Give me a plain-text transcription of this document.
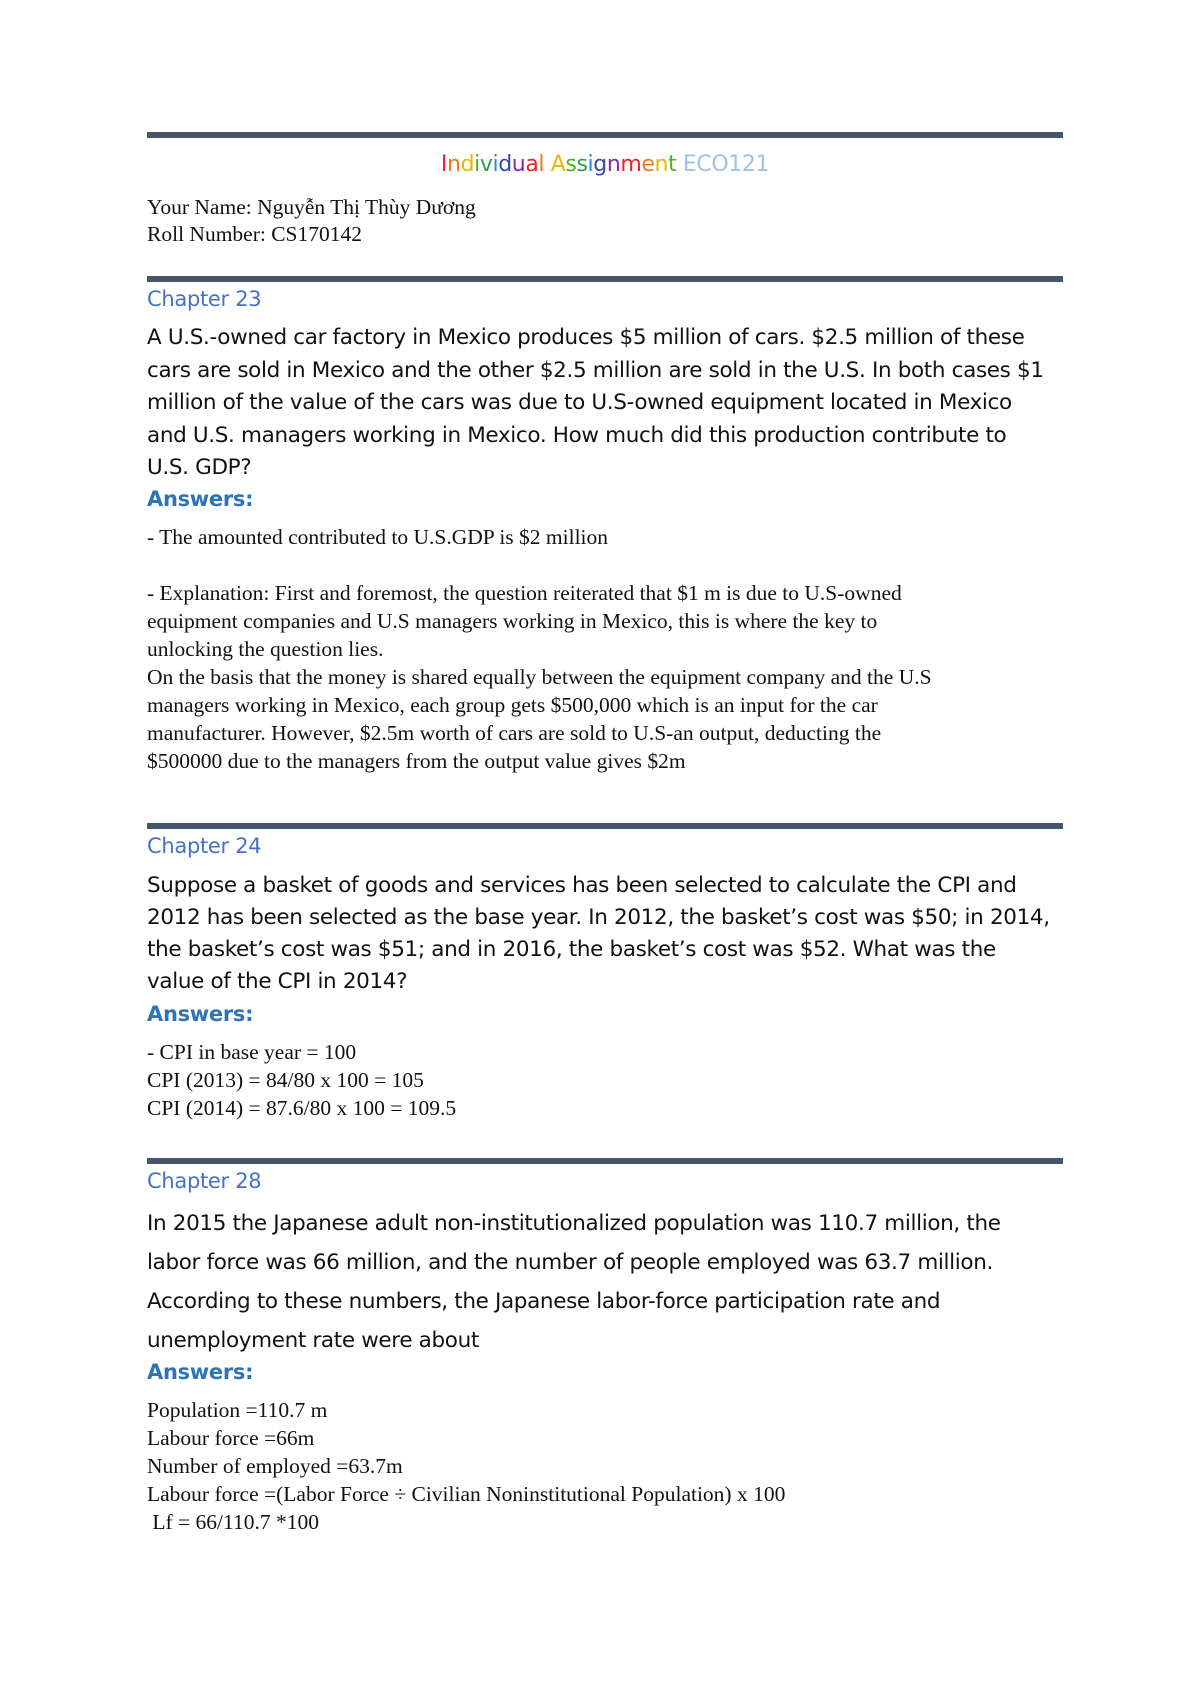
Individual Assignment ECO121
Your Name: Nguyễn Thị Thùy Dương
Roll Number: CS170142
Chapter 23
A U.S.-owned car factory in Mexico produces $5 million of cars. $2.5 million of these
cars are sold in Mexico and the other $2.5 million are sold in the U.S. In both cases $1
million of the value of the cars was due to U.S-owned equipment located in Mexico
and U.S. managers working in Mexico. How much did this production contribute to
U.S. GDP?
Answers:
- The amounted contributed to U.S.GDP is $2 million
- Explanation: First and foremost, the question reiterated that $1 m is due to U.S-owned
equipment companies and U.S managers working in Mexico, this is where the key to
unlocking the question lies.
On the basis that the money is shared equally between the equipment company and the U.S
managers working in Mexico, each group gets $500,000 which is an input for the car
manufacturer. However, $2.5m worth of cars are sold to U.S-an output, deducting the
$500000 due to the managers from the output value gives $2m
Chapter 24
Suppose a basket of goods and services has been selected to calculate the CPI and
2012 has been selected as the base year. In 2012, the basket’s cost was $50; in 2014,
the basket’s cost was $51; and in 2016, the basket’s cost was $52. What was the
value of the CPI in 2014?
Answers:
- CPI in base year = 100
CPI (2013) = 84/80 x 100 = 105
CPI (2014) = 87.6/80 x 100 = 109.5
Chapter 28
In 2015 the Japanese adult non-institutionalized population was 110.7 million, the
labor force was 66 million, and the number of people employed was 63.7 million.
According to these numbers, the Japanese labor-force participation rate and
unemployment rate were about
Answers:
Population =110.7 m
Labour force =66m
Number of employed =63.7m
Labour force =(Labor Force ÷ Civilian Noninstitutional Population) x 100
Lf = 66/110.7 *100
